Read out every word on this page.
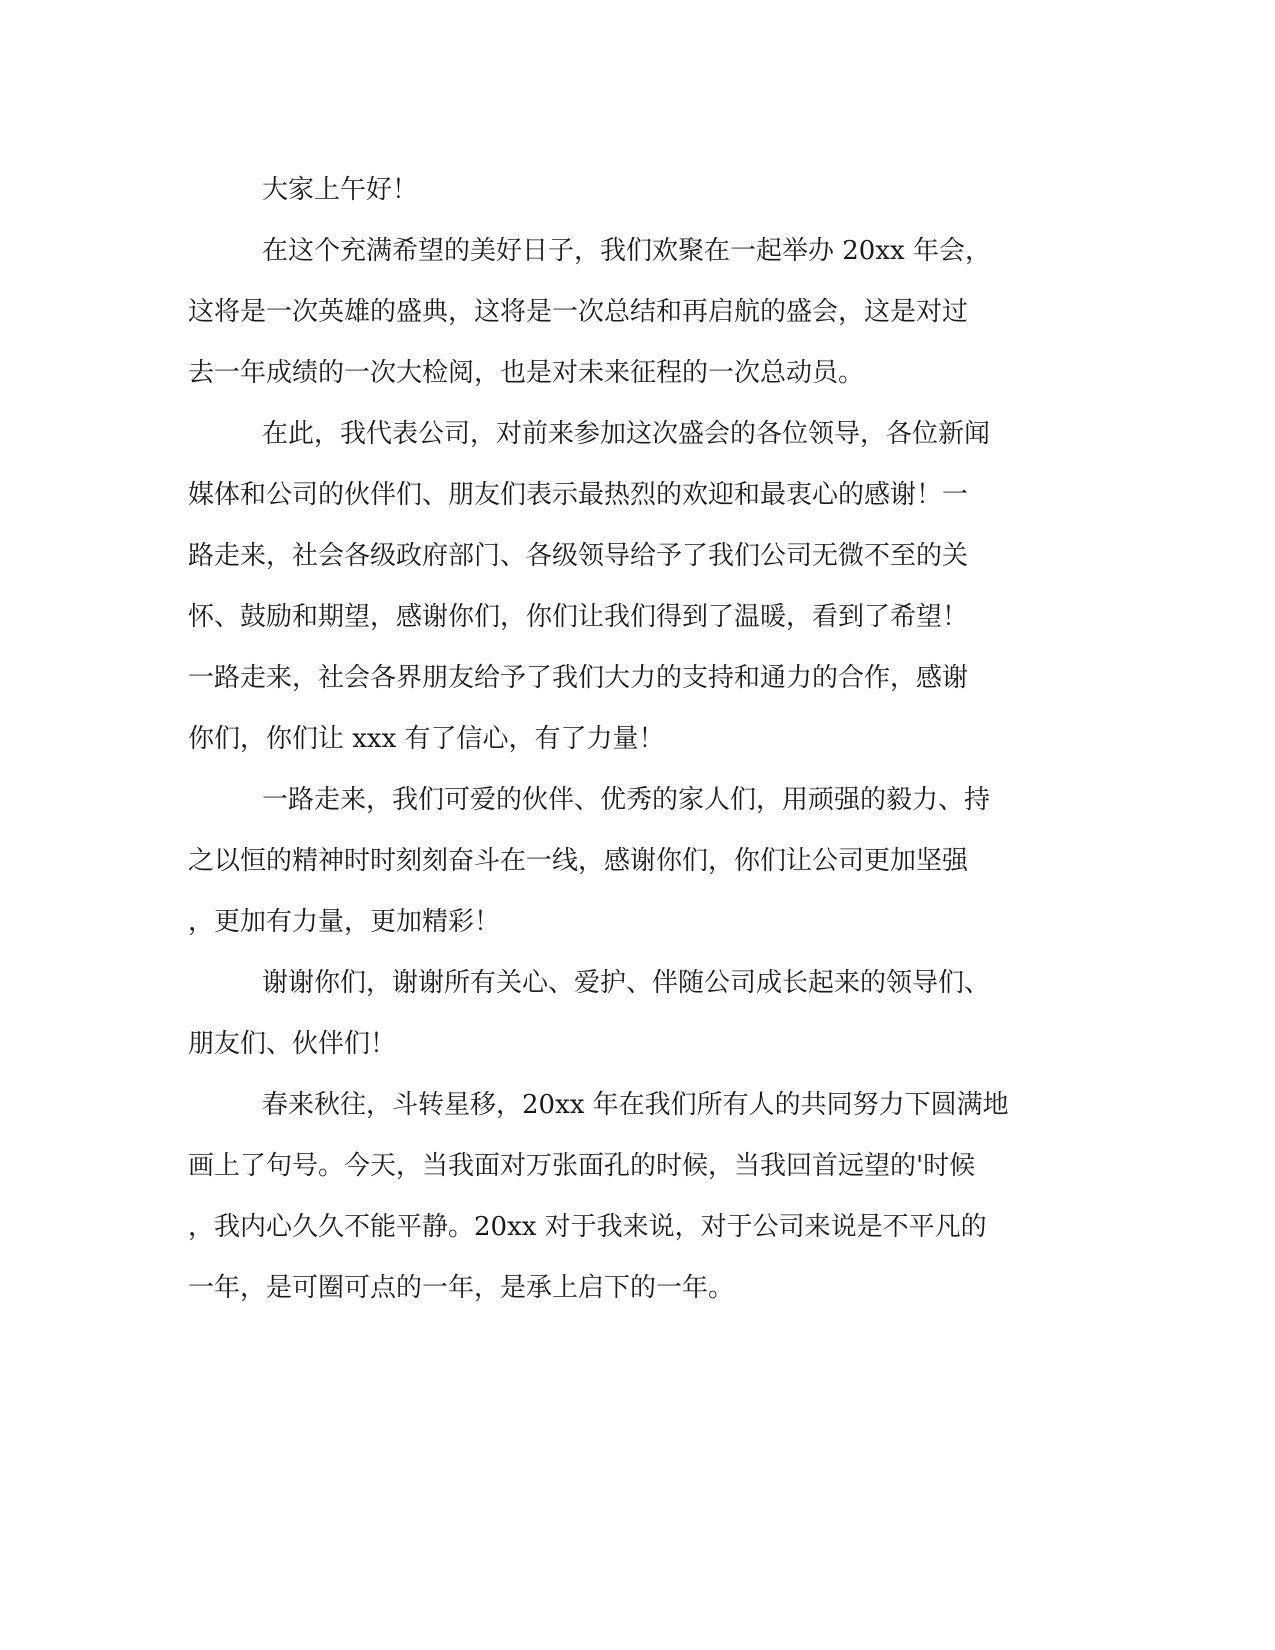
大家上午好！
在这个充满希望的美好日子，我们欢聚在一起举办 20xx 年会，
这将是一次英雄的盛典，这将是一次总结和再启航的盛会，这是对过
去一年成绩的一次大检阅，也是对未来征程的一次总动员。
在此，我代表公司，对前来参加这次盛会的各位领导，各位新闻
媒体和公司的伙伴们、朋友们表示最热烈的欢迎和最衷心的感谢！一
路走来，社会各级政府部门、各级领导给予了我们公司无微不至的关
怀、鼓励和期望，感谢你们，你们让我们得到了温暖，看到了希望！
一路走来，社会各界朋友给予了我们大力的支持和通力的合作，感谢
你们，你们让 xxx 有了信心，有了力量！
一路走来，我们可爱的伙伴、优秀的家人们，用顽强的毅力、持
之以恒的精神时时刻刻奋斗在一线，感谢你们，你们让公司更加坚强
，更加有力量，更加精彩！
谢谢你们，谢谢所有关心、爱护、伴随公司成长起来的领导们、
朋友们、伙伴们！
春来秋往，斗转星移，20xx 年在我们所有人的共同努力下圆满地
画上了句号。今天，当我面对万张面孔的时候，当我回首远望的'时候
，我内心久久不能平静。20xx 对于我来说，对于公司来说是不平凡的
一年，是可圈可点的一年，是承上启下的一年。
